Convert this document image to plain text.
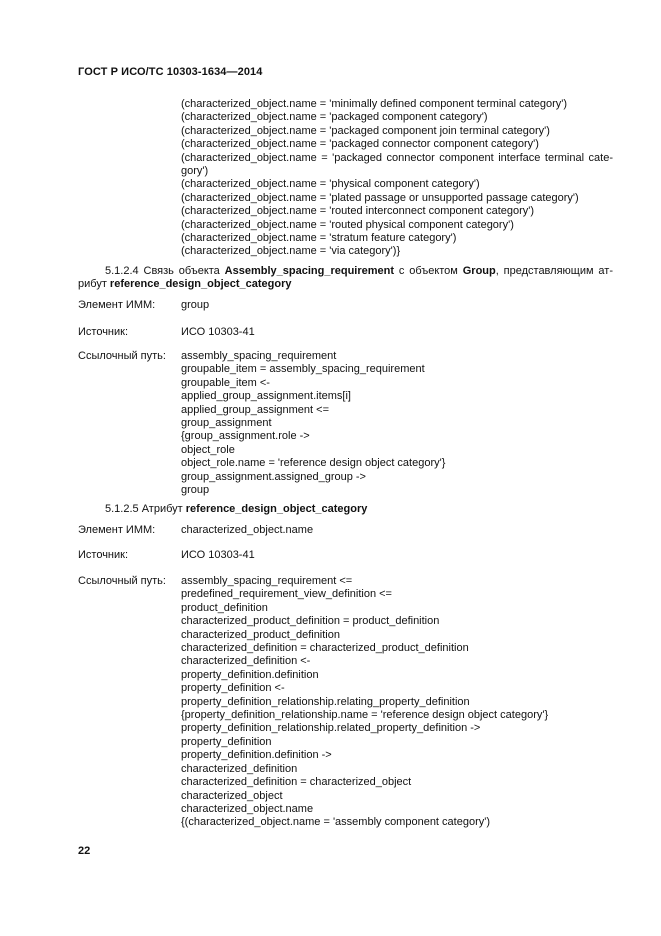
ГОСТ Р ИСО/ТС 10303-1634—2014
(characterized_object.name = 'minimally defined component terminal category')
(characterized_object.name = 'packaged component category')
(characterized_object.name = 'packaged component join terminal category')
(characterized_object.name = 'packaged connector component category')
(characterized_object.name = 'packaged connector component interface terminal cate-
gory')
(characterized_object.name = 'physical component category')
(characterized_object.name = 'plated passage or unsupported passage category')
(characterized_object.name = 'routed interconnect component category')
(characterized_object.name = 'routed physical component category')
(characterized_object.name = 'stratum feature category')
(characterized_object.name = 'via category')}
5.1.2.4 Связь объекта Assembly_spacing_requirement с объектом Group, представляющим ат-
рибут reference_design_object_category
Элемент ИММ: group
Источник:	ИСО 10303-41
Ссылочный путь: assembly_spacing_requirement
groupable_item = assembly_spacing_requirement
groupable_item <-
applied_group_assignment.items[i]
applied_group_assignment <=
group_assignment
{group_assignment.role ->
object_role
object_role.name = 'reference design object category'}
group_assignment.assigned_group ->
group
5.1.2.5 Атрибут reference_design_object_category
Элемент ИММ: characterized_object.name
Источник:	ИСО 10303-41
Ссылочный путь: assembly_spacing_requirement <=
predefined_requirement_view_definition <=
product_definition
characterized_product_definition = product_definition
characterized_product_definition
characterized_definition = characterized_product_definition
characterized_definition <-
property_definition.definition
property_definition <-
property_definition_relationship.relating_property_definition
{property_definition_relationship.name = 'reference design object category'}
property_definition_relationship.related_property_definition ->
property_definition
property_definition.definition ->
characterized_definition
characterized_definition = characterized_object
characterized_object
characterized_object.name
{(characterized_object.name = 'assembly component category')
22
